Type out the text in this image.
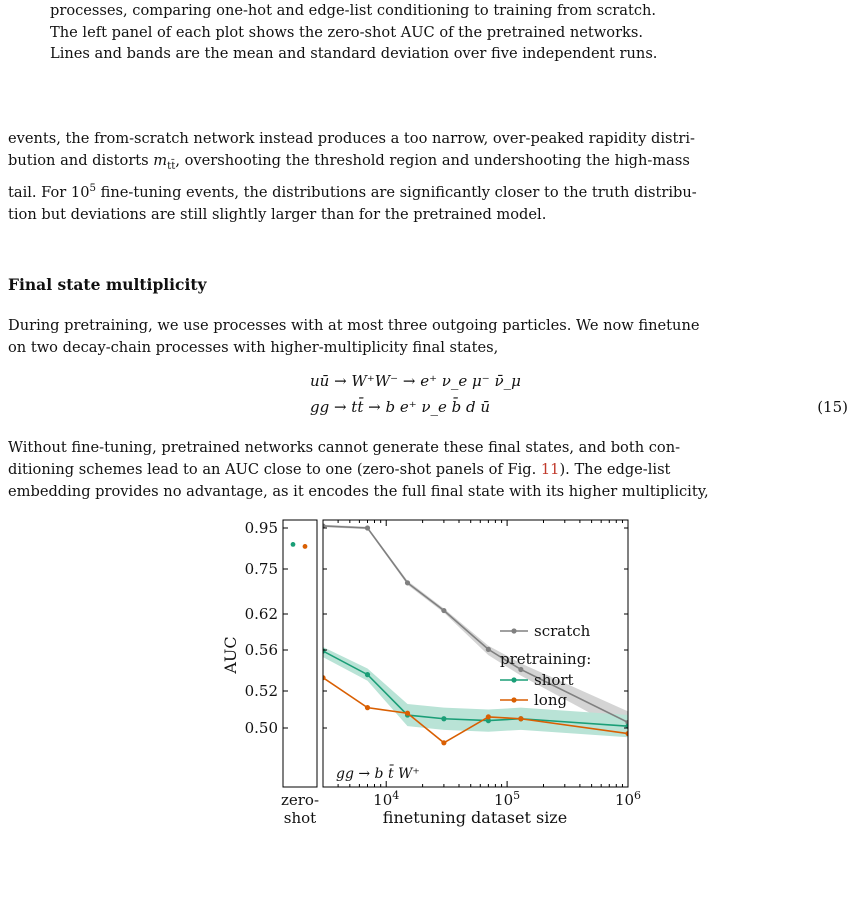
processes, comparing one-hot and edge-list conditioning to training from scratch.

The left panel of each plot shows the zero-shot AUC of the pretrained networks.

Lines and bands are the mean and standard deviation over five independent runs.

events, the from-scratch network instead produces a too narrow, over-peaked rapidity distri-

bution and distorts $m_{tt̄}$, overshooting the threshold region and undershooting the high-mass

tail. For $10^5$ fine-tuning events, the distributions are significantly closer to the truth distribu-

tion but deviations are still slightly larger than for the pretrained model.

Final state multiplicity

During pretraining, we use processes with at most three outgoing particles. We now finetune

on two decay-chain processes with higher-multiplicity final states,

uū → W⁺W⁻ → e⁺ ν_e μ⁻ ν̄_μ
gg → tt̄ → b e⁺ ν_e b̄ d ū	(15)

Without fine-tuning, pretrained networks cannot generate these final states, and both con-

ditioning schemes lead to an AUC close to one (zero-shot panels of Fig. 11). The edge-list

embedding provides no advantage, as it encodes the full final state with its higher multiplicity,

0.95
0.75
0.62
0.56
0.52
0.50
$10^4$	$10^5$	$10^6$
AUC
finetuning dataset size
zero-
shot
gg → b t̄ W⁺
scratch
pretraining:
short
long
